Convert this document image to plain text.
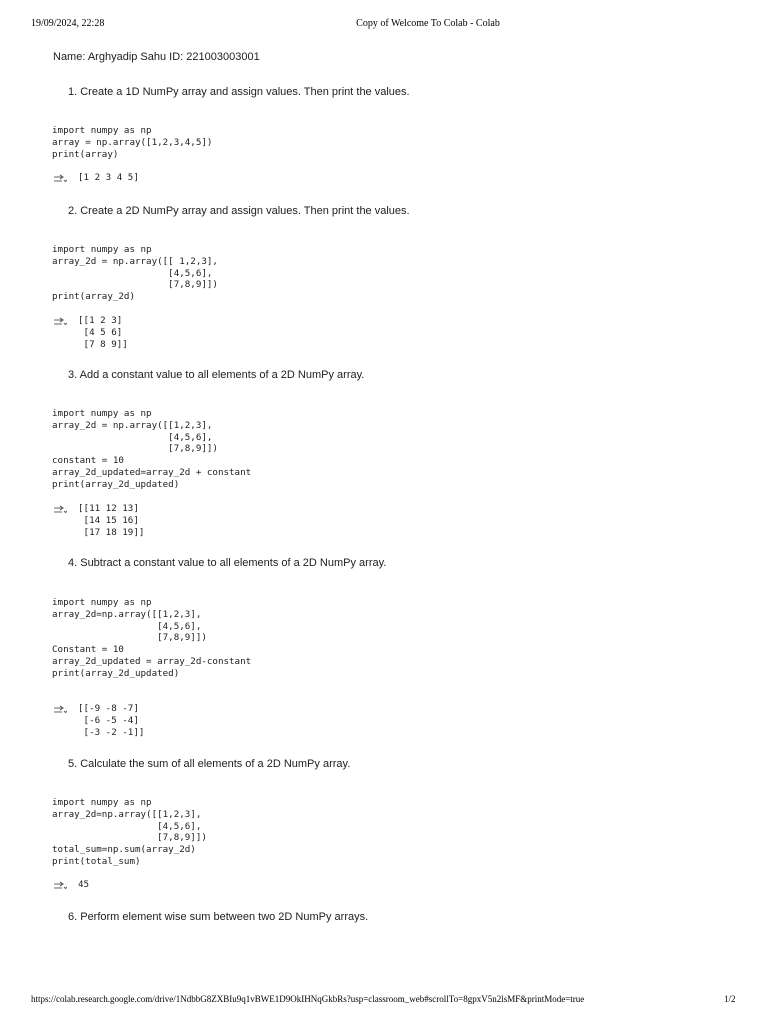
19/09/2024, 22:28	Copy of Welcome To Colab - Colab
Name: Arghyadip Sahu ID: 221003003001
1. Create a 1D NumPy array and assign values. Then print the values.
import numpy as np
array = np.array([1,2,3,4,5])
print(array)
[1 2 3 4 5]
2. Create a 2D NumPy array and assign values. Then print the values.
import numpy as np
array_2d = np.array([[ 1,2,3],
[4,5,6],
[7,8,9]])
print(array_2d)
[[1 2 3]
[4 5 6]
[7 8 9]]
3. Add a constant value to all elements of a 2D NumPy array.
import numpy as np
array_2d = np.array([[1,2,3],
[4,5,6],
[7,8,9]])
constant = 10
array_2d_updated=array_2d + constant
print(array_2d_updated)
[[11 12 13]
[14 15 16]
[17 18 19]]
4. Subtract a constant value to all elements of a 2D NumPy array.
import numpy as np
array_2d=np.array([[1,2,3],
[4,5,6],
[7,8,9]])
Constant = 10
array_2d_updated = array_2d-constant
print(array_2d_updated)
[[-9 -8 -7]
[-6 -5 -4]
[-3 -2 -1]]
5. Calculate the sum of all elements of a 2D NumPy array.
import numpy as np
array_2d=np.array([[1,2,3],
[4,5,6],
[7,8,9]])
total_sum=np.sum(array_2d)
print(total_sum)
45
6. Perform element wise sum between two 2D NumPy arrays.
https://colab.research.google.com/drive/1NdbbG8ZXBIu9q1vBWE1D9OkIHNqGkbRs?usp=classroom_web#scrollTo=8gpxV5n2lsMF&printMode=true	1/2
